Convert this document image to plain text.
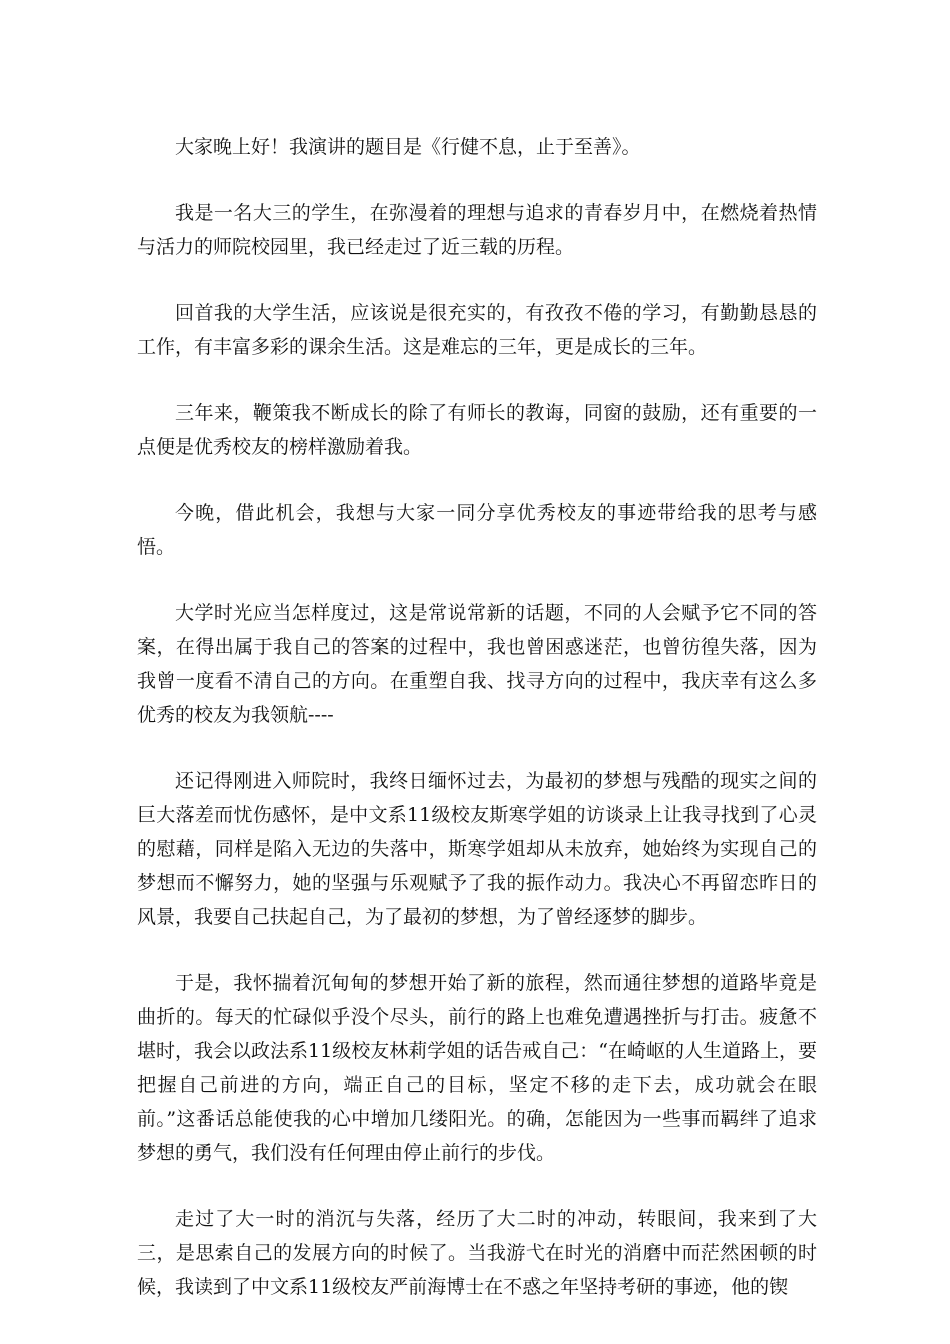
大家晚上好！我演讲的题目是《行健不息，止于至善》。

我是一名大三的学生，在弥漫着的理想与追求的青春岁月中，在燃烧着热情与活力的师院校园里，我已经走过了近三载的历程。

回首我的大学生活，应该说是很充实的，有孜孜不倦的学习，有勤勤恳恳的工作，有丰富多彩的课余生活。这是难忘的三年，更是成长的三年。

三年来，鞭策我不断成长的除了有师长的教诲，同窗的鼓励，还有重要的一点便是优秀校友的榜样激励着我。

今晚，借此机会，我想与大家一同分享优秀校友的事迹带给我的思考与感悟。

大学时光应当怎样度过，这是常说常新的话题，不同的人会赋予它不同的答案，在得出属于我自己的答案的过程中，我也曾困惑迷茫，也曾彷徨失落，因为我曾一度看不清自己的方向。在重塑自我、找寻方向的过程中，我庆幸有这么多优秀的校友为我领航----

还记得刚进入师院时，我终日缅怀过去，为最初的梦想与残酷的现实之间的巨大落差而忧伤感怀，是中文系11级校友斯寒学姐的访谈录上让我寻找到了心灵的慰藉，同样是陷入无边的失落中，斯寒学姐却从未放弃，她始终为实现自己的梦想而不懈努力，她的坚强与乐观赋予了我的振作动力。我决心不再留恋昨日的风景，我要自己扶起自己，为了最初的梦想，为了曾经逐梦的脚步。

于是，我怀揣着沉甸甸的梦想开始了新的旅程，然而通往梦想的道路毕竟是曲折的。每天的忙碌似乎没个尽头，前行的路上也难免遭遇挫折与打击。疲惫不堪时，我会以政法系11级校友林莉学姐的话告戒自己：“在崎岖的人生道路上，要把握自己前进的方向，端正自己的目标，坚定不移的走下去，成功就会在眼前。”这番话总能使我的心中增加几缕阳光。的确，怎能因为一些事而羁绊了追求梦想的勇气，我们没有任何理由停止前行的步伐。

走过了大一时的消沉与失落，经历了大二时的冲动，转眼间，我来到了大三，是思索自己的发展方向的时候了。当我游弋在时光的消磨中而茫然困顿的时候，我读到了中文系11级校友严前海博士在不惑之年坚持考研的事迹，他的锲
